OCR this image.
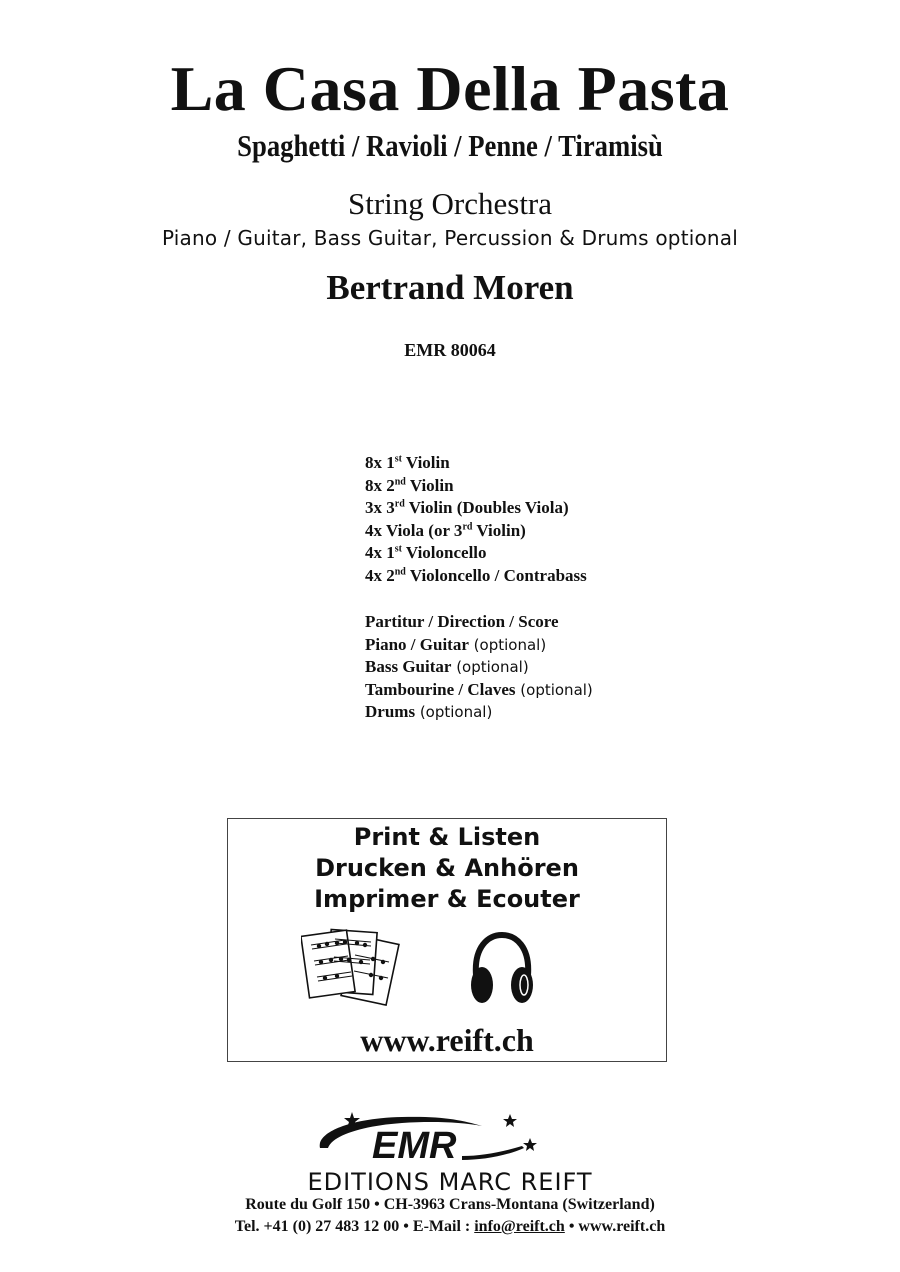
La Casa Della Pasta
Spaghetti / Ravioli / Penne / Tiramisù
String Orchestra
Piano / Guitar, Bass Guitar, Percussion & Drums optional
Bertrand Moren
EMR 80064
8x 1st Violin
8x 2nd Violin
3x 3rd Violin (Doubles Viola)
4x Viola (or 3rd Violin)
4x 1st Violoncello
4x 2nd Violoncello / Contrabass
Partitur / Direction / Score
Piano / Guitar (optional)
Bass Guitar (optional)
Tambourine / Claves (optional)
Drums (optional)
Print & Listen
Drucken & Anhören
Imprimer & Ecouter
www.reift.ch
EMR
EDITIONS MARC REIFT
Route du Golf 150 • CH-3963 Crans-Montana (Switzerland)
Tel. +41 (0) 27 483 12 00 • E-Mail : info@reift.ch • www.reift.ch
